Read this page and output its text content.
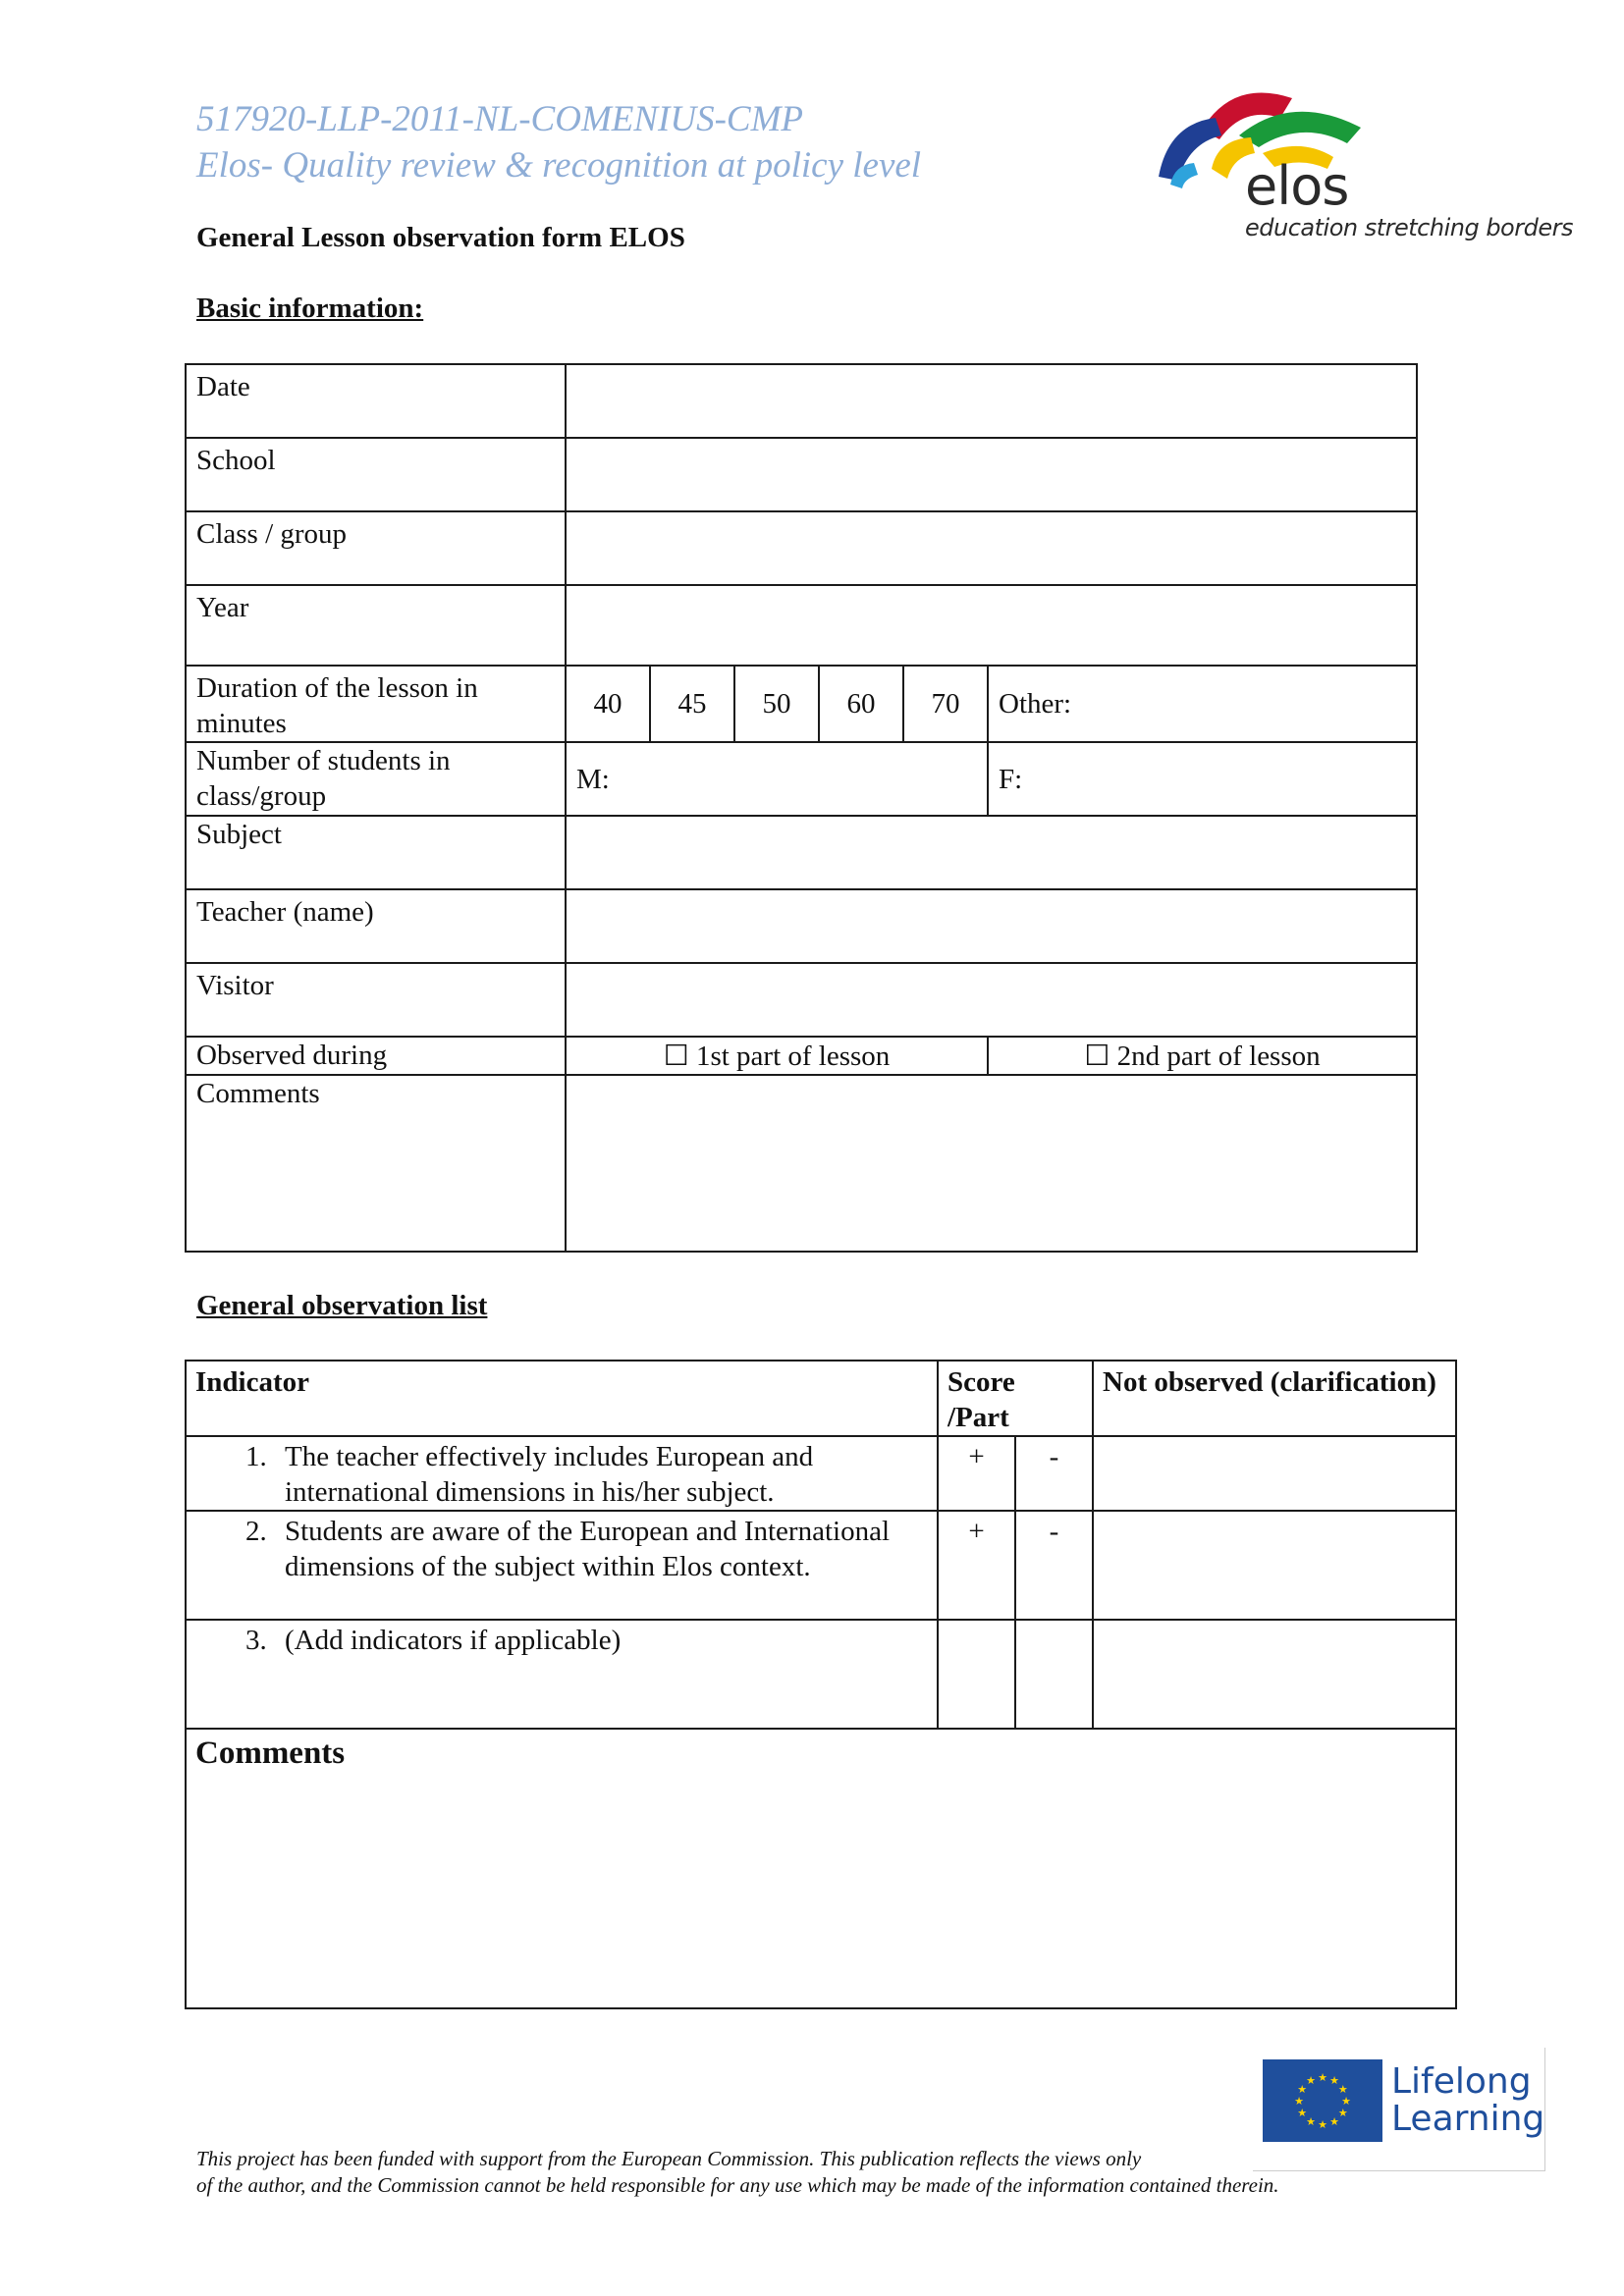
517920-LLP-2011-NL-COMENIUS-CMP
Elos- Quality review & recognition at policy level	elos
education stretching borders
General Lesson observation form ELOS
Basic information:
Date						
School						
Class / group						
Year						
Duration of the lesson in minutes	40	45	50	60	70	Other:
Number of students in class/group	M:					F:
Subject						
Teacher (name)						
Visitor						
Observed during	☐ 1st part of lesson					☐ 2nd part of lesson
Comments						
General observation list
Indicator	Score /Part		Not observed (clarification)

1. The teacher effectively includes European and international dimensions in his/her subject.	+	-	

2. Students are aware of the European and International dimensions of the subject within Elos context.	+	-	

3. (Add indicators if applicable)			

Comments			
★ ★
★
★
★
★
★
★
★
★
★
★ Lifelong
Learning
This project has been funded with support from the European Commission. This publication reflects the views only
of the author, and the Commission cannot be held responsible for any use which may be made of the information contained therein.
